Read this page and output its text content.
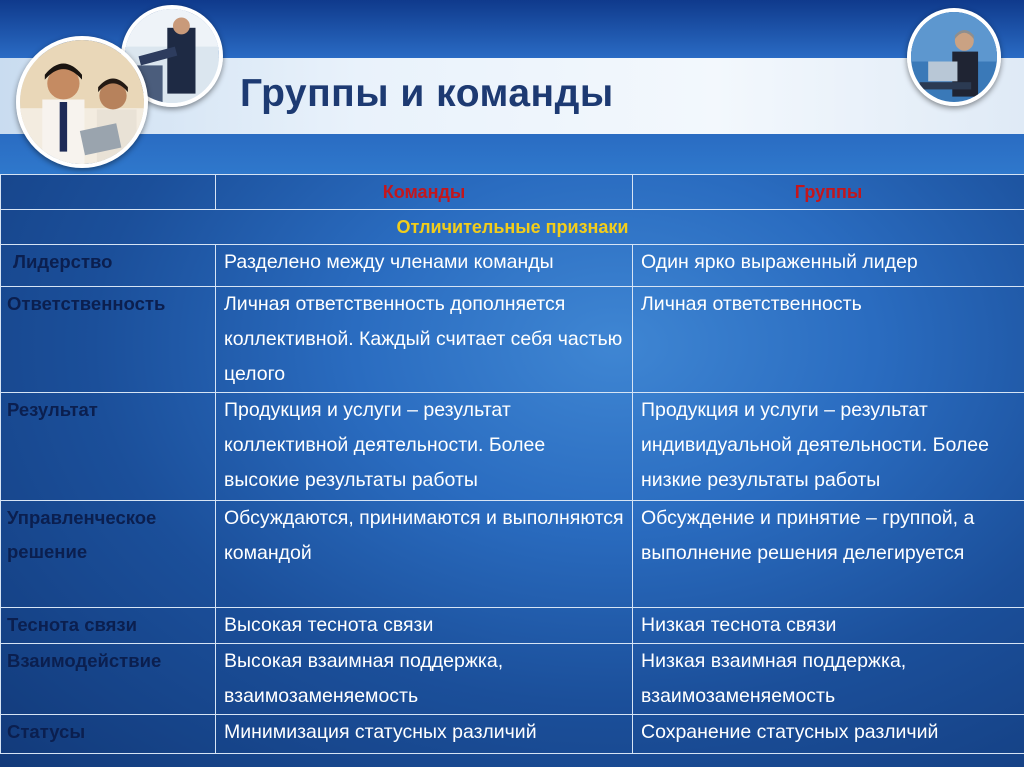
Группы и команды
	Команды	Группы
Отличительные признаки		
Лидерство	Разделено между членами команды	Один ярко выраженный лидер
Ответственность	Личная ответственность дополняется коллективной. Каждый считает себя частью целого	Личная ответственность
Результат	Продукция и услуги – результат коллективной деятельности. Более высокие результаты работы	Продукция и услуги – результат индивидуальной деятельности. Более низкие результаты работы
Управленческое решение	Обсуждаются, принимаются и выполняются командой	Обсуждение и принятие – группой, а выполнение решения делегируется
Теснота связи	Высокая теснота связи	Низкая теснота связи
Взаимодействие	Высокая взаимная поддержка, взаимозаменяемость	Низкая взаимная поддержка, взаимозаменяемость
Статусы	Минимизация статусных различий	Сохранение статусных различий
